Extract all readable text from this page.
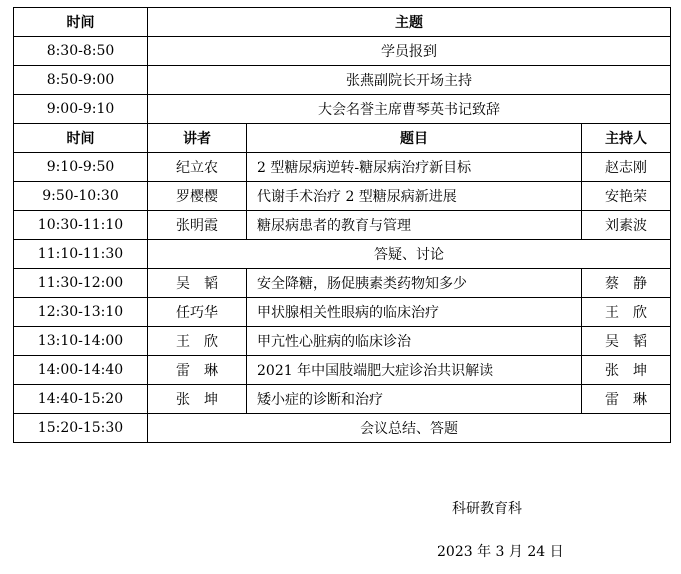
时间	主题		
8:30-8:50	学员报到		
8:50-9:00	张燕副院长开场主持		
9:00-9:10	大会名誉主席曹琴英书记致辞		
时间	讲者	题目	主持人
9:10-9:50	纪立农	2 型糖尿病逆转-糖尿病治疗新目标	赵志刚
9:50-10:30	罗樱樱	代谢手术治疗 2 型糖尿病新进展	安艳荣
10:30-11:10	张明霞	糖尿病患者的教育与管理	刘素波
11:10-11:30	答疑、讨论		
11:30-12:00	吴　韬	安全降糖，肠促胰素类药物知多少	蔡　静
12:30-13:10	任巧华	甲状腺相关性眼病的临床治疗	王　欣
13:10-14:00	王　欣	甲亢性心脏病的临床诊治	吴　韬
14:00-14:40	雷　琳	2021 年中国肢端肥大症诊治共识解读	张　坤
14:40-15:20	张　坤	矮小症的诊断和治疗	雷　琳
15:20-15:30	会议总结、答题		
科研教育科
2023 年 3 月 24 日
